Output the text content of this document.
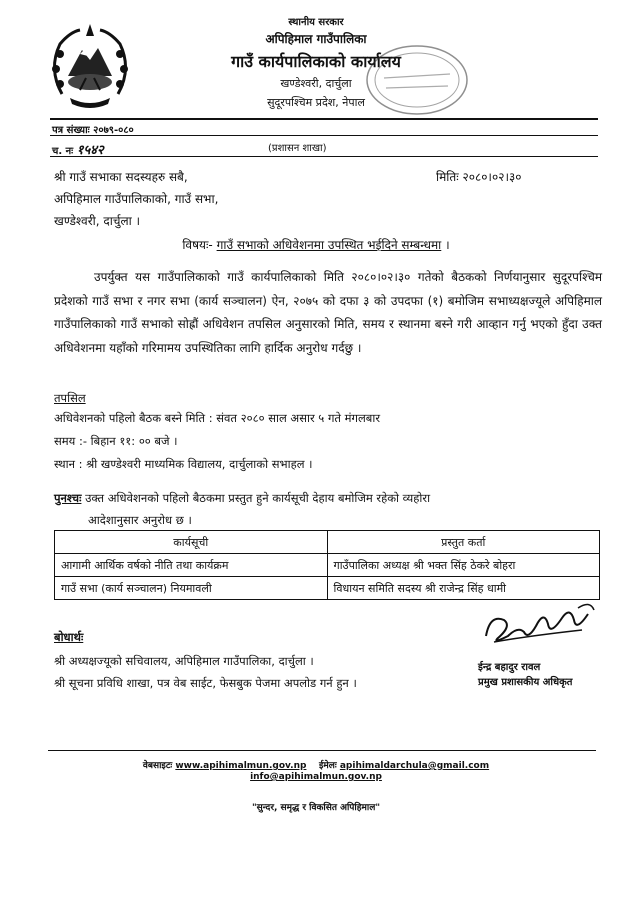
स्थानीय सरकार
अपिहिमाल गाउँपालिका
गाउँ कार्यपालिकाको कार्यालय
खण्डेश्वरी, दार्चुला
सुदूरपश्चिम प्रदेश, नेपाल
पत्र संख्याः २०७९-०८०
च. नः १५४२	(प्रशासन शाखा)
श्री गाउँ सभाका सदस्यहरु सबै,
अपिहिमाल गाउँपालिकाको, गाउँ सभा,
खण्डेश्वरी, दार्चुला ।
मितिः २०८०।०२।३०
विषयः- गाउँ सभाको अधिवेशनमा उपस्थित भईदिने सम्बन्धमा ।
उपर्युक्त यस गाउँपालिकाको गाउँ कार्यपालिकाको मिति २०८०।०२।३० गतेको बैठकको निर्णयानुसार सुदूरपश्चिम प्रदेशको गाउँ सभा र नगर सभा (कार्य सञ्चालन) ऐन, २०७५ को दफा ३ को उपदफा (१) बमोजिम सभाध्यक्षज्यूले अपिहिमाल गाउँपालिकाको गाउँ सभाको सोह्रौं अधिवेशन तपसिल अनुसारको मिति, समय र स्थानमा बस्ने गरी आव्हान गर्नु भएको हुँदा उक्त अधिवेशनमा यहाँको गरिमामय उपस्थितिका लागि हार्दिक अनुरोध गर्दछु ।
तपसिल
अधिवेशनको पहिलो बैठक बस्ने मिति : संवत २०८० साल असार ५ गते मंगलबार
समय :- बिहान ११: ०० बजे ।
स्थान : श्री खण्डेश्वरी माध्यमिक विद्यालय, दार्चुलाको सभाहल ।
पुनश्चः उक्त अधिवेशनको पहिलो बैठकमा प्रस्तुत हुने कार्यसूची देहाय बमोजिम रहेको व्यहोरा
आदेशानुसार अनुरोध छ ।
कार्यसूची	प्रस्तुत कर्ता
आगामी आर्थिक वर्षको नीति तथा कार्यक्रम	गाउँपालिका अध्यक्ष श्री भक्त सिंह ठेकरे बोहरा
गाउँ सभा (कार्य सञ्चालन) नियमावली	विधायन समिति सदस्य श्री राजेन्द्र सिंह धामी
ईन्द्र बहादुर रावल
प्रमुख प्रशासकीय अधिकृत
बोधार्थः
श्री अध्यक्षज्यूको सचिवालय, अपिहिमाल गाउँपालिका, दार्चुला ।
श्री सूचना प्रविधि शाखा, पत्र वेब साईट, फेसबुक पेजमा अपलोड गर्न हुन ।
वेबसाइटः www.apihimalmun.gov.np ईमेलः apihimaldarchula@gmail.com
info@apihimalmun.gov.np
"सुन्दर, समृद्ध र विकसित अपिहिमाल"
